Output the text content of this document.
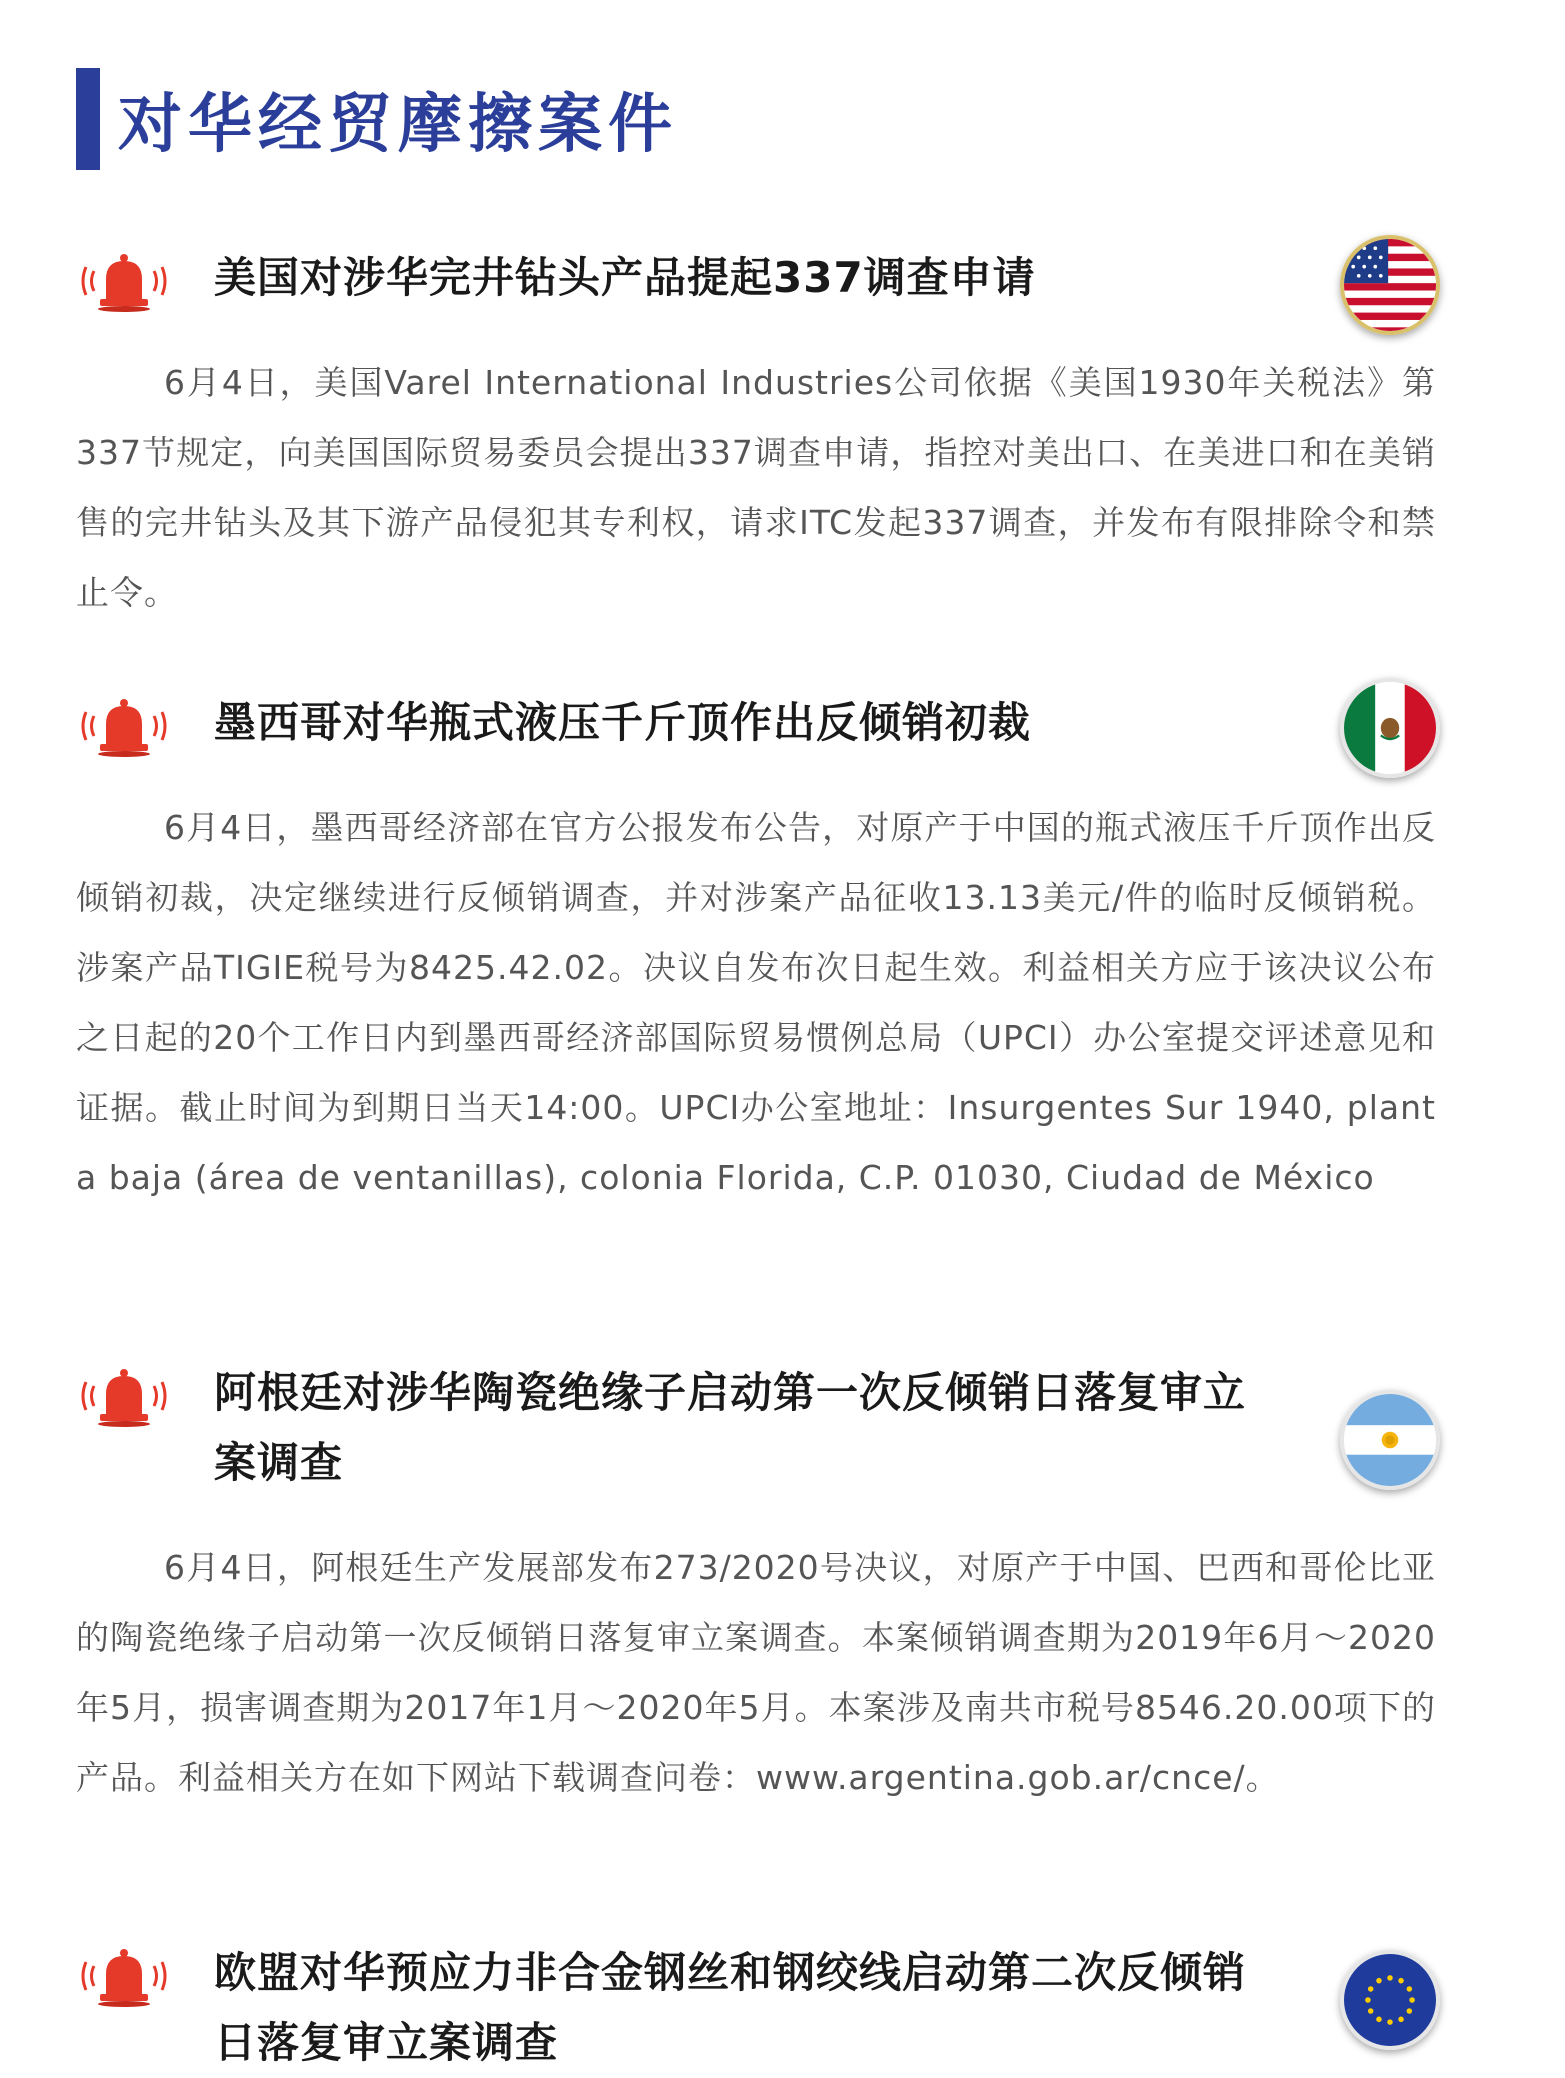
对华经贸摩擦案件
美国对涉华完井钻头产品提起337调查申请
6月4日，美国Varel International Industries公司依据《美国1930年关税法》第337节规定，向美国国际贸易委员会提出337调查申请，指控对美出口、在美进口和在美销售的完井钻头及其下游产品侵犯其专利权，请求ITC发起337调查，并发布有限排除令和禁止令。
墨西哥对华瓶式液压千斤顶作出反倾销初裁
6月4日，墨西哥经济部在官方公报发布公告，对原产于中国的瓶式液压千斤顶作出反倾销初裁，决定继续进行反倾销调查，并对涉案产品征收13.13美元/件的临时反倾销税。涉案产品TIGIE税号为8425.42.02。决议自发布次日起生效。利益相关方应于该决议公布之日起的20个工作日内到墨西哥经济部国际贸易惯例总局（UPCI）办公室提交评述意见和证据。截止时间为到期日当天14:00。UPCI办公室地址：Insurgentes Sur 1940, planta baja (área de ventanillas), colonia Florida, C.P. 01030, Ciudad de México
阿根廷对涉华陶瓷绝缘子启动第一次反倾销日落复审立案调查
6月4日，阿根廷生产发展部发布273/2020号决议，对原产于中国、巴西和哥伦比亚的陶瓷绝缘子启动第一次反倾销日落复审立案调查。本案倾销调查期为2019年6月～2020年5月，损害调查期为2017年1月～2020年5月。本案涉及南共市税号8546.20.00项下的产品。利益相关方在如下网站下载调查问卷：www.argentina.gob.ar/cnce/。
欧盟对华预应力非合金钢丝和钢绞线启动第二次反倾销日落复审立案调查
